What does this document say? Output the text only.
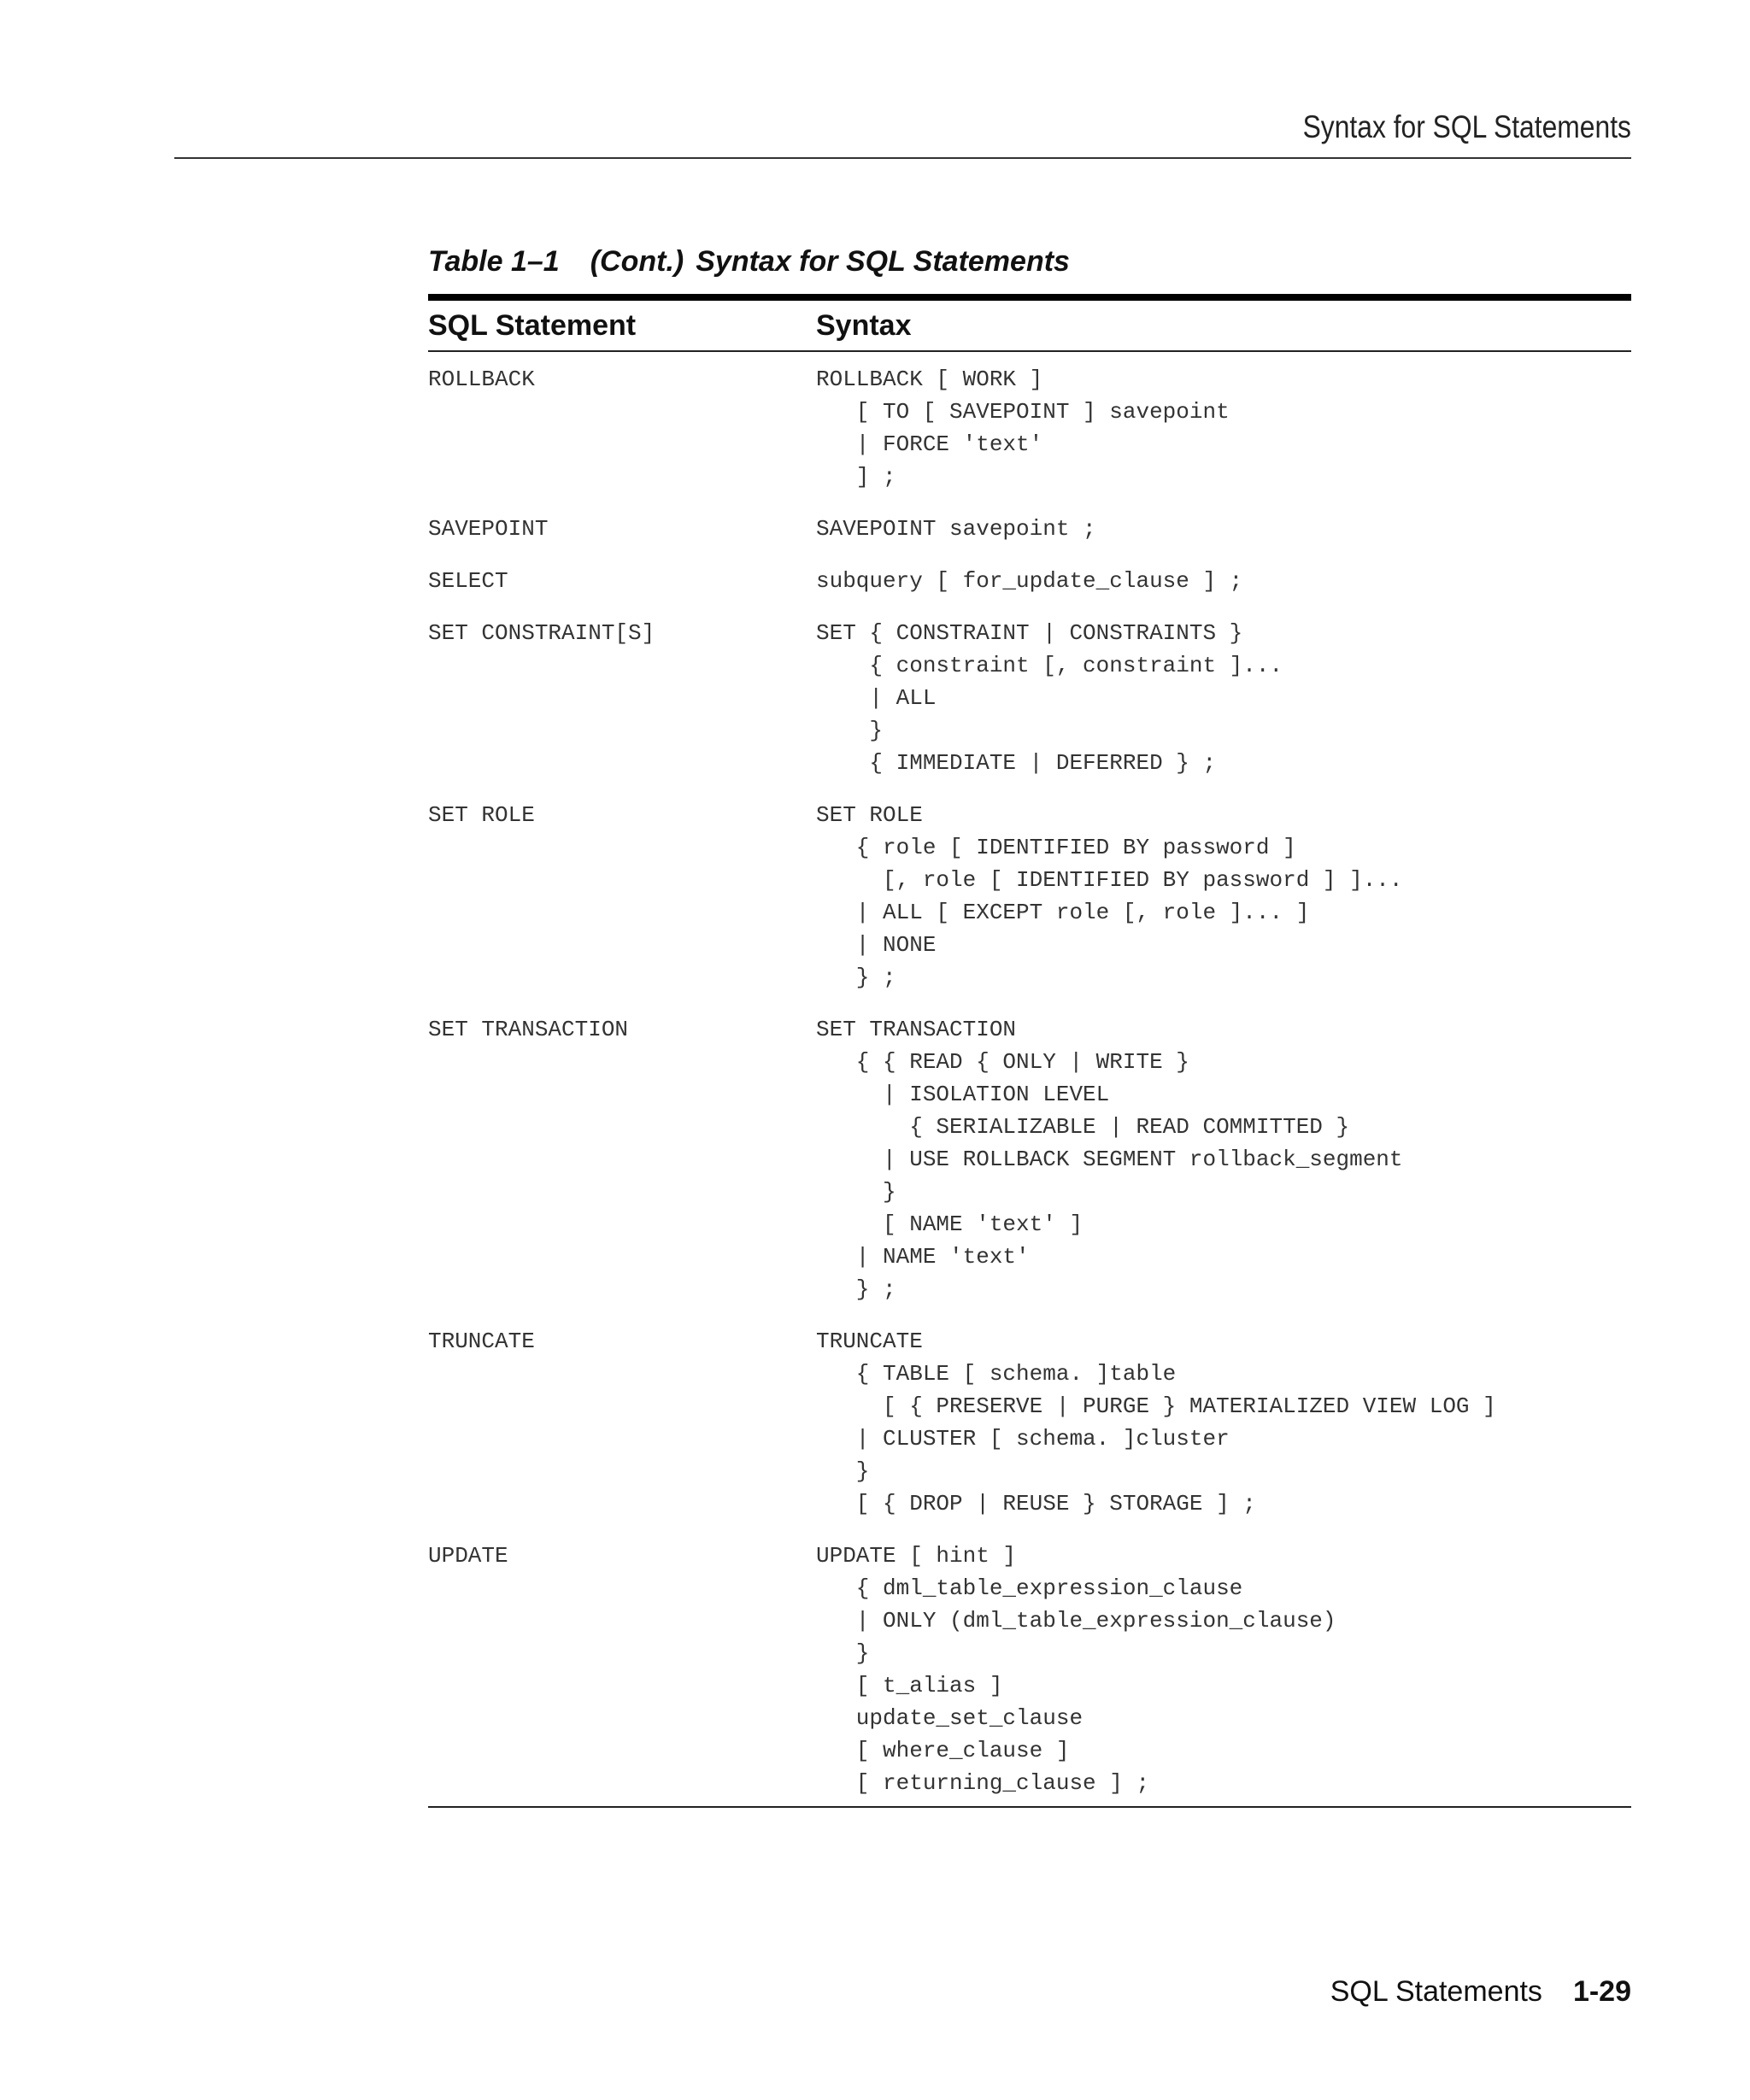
Syntax for SQL Statements
Table 1–1 (Cont.) Syntax for SQL Statements
SQL Statement	Syntax
ROLLBACK	ROLLBACK [ WORK ]
[ TO [ SAVEPOINT ] savepoint
| FORCE 'text'
] ;
SAVEPOINT	SAVEPOINT savepoint ;
SELECT	subquery [ for_update_clause ] ;
SET CONSTRAINT[S]	SET { CONSTRAINT | CONSTRAINTS }
{ constraint [, constraint ]...
| ALL
}
{ IMMEDIATE | DEFERRED } ;
SET ROLE	SET ROLE
{ role [ IDENTIFIED BY password ]
[, role [ IDENTIFIED BY password ] ]...
| ALL [ EXCEPT role [, role ]... ]
| NONE
} ;
SET TRANSACTION	SET TRANSACTION
{ { READ { ONLY | WRITE }
| ISOLATION LEVEL
{ SERIALIZABLE | READ COMMITTED }
| USE ROLLBACK SEGMENT rollback_segment
}
[ NAME 'text' ]
| NAME 'text'
} ;
TRUNCATE	TRUNCATE
{ TABLE [ schema. ]table
[ { PRESERVE | PURGE } MATERIALIZED VIEW LOG ]
| CLUSTER [ schema. ]cluster
}
[ { DROP | REUSE } STORAGE ] ;
UPDATE	UPDATE [ hint ]
{ dml_table_expression_clause
| ONLY (dml_table_expression_clause)
}
[ t_alias ]
update_set_clause
[ where_clause ]
[ returning_clause ] ;
SQL Statements 1-29
